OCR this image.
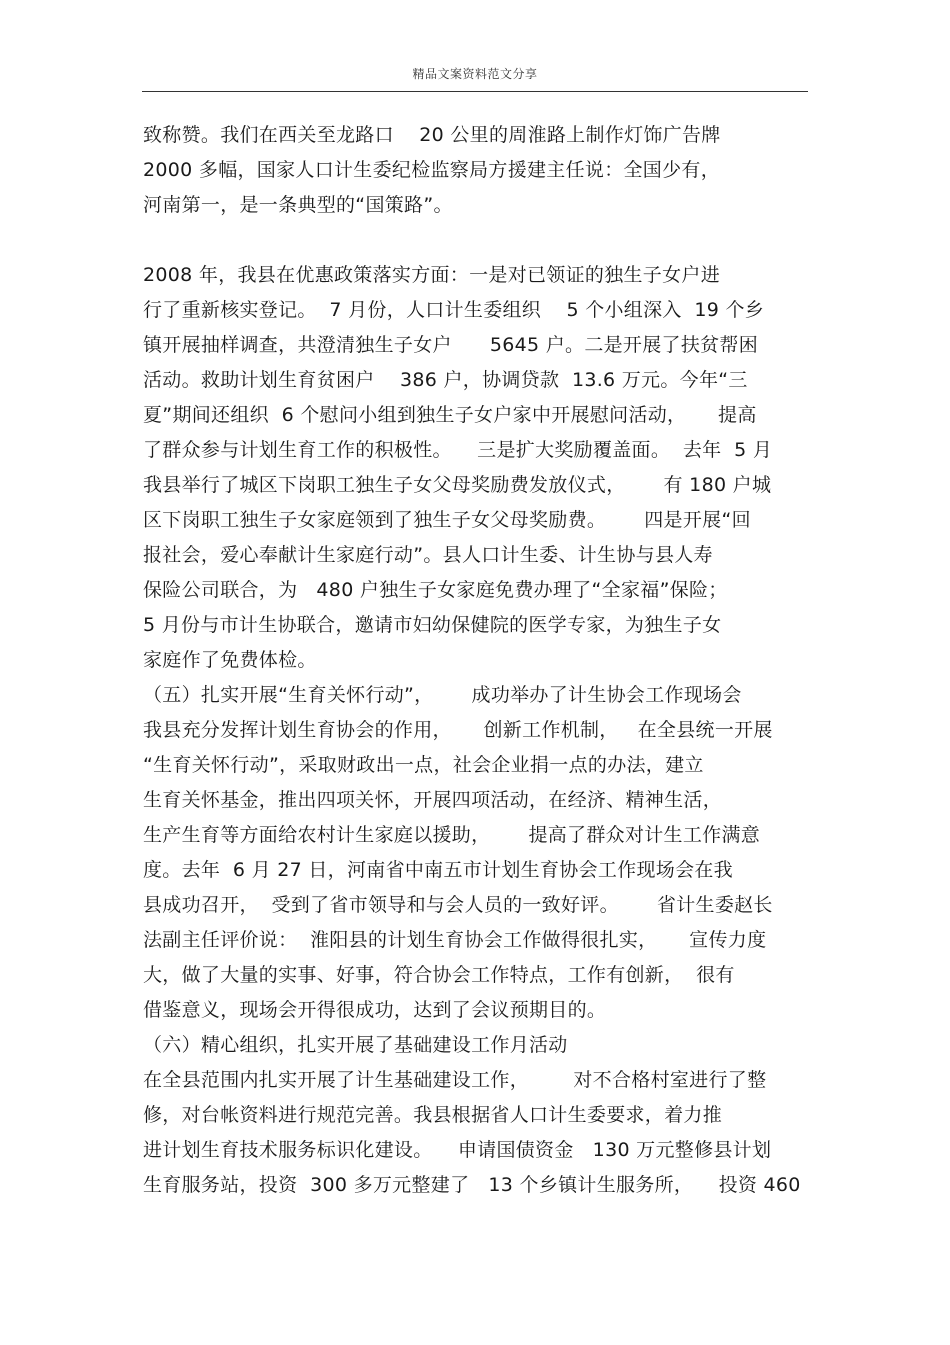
精品文案资料范文分享
致称赞。我们在西关至龙路口    20 公里的周淮路上制作灯饰广告牌
2000 多幅，国家人口计生委纪检监察局方援建主任说：全国少有，
河南第一，是一条典型的“国策路”。
2008 年，我县在优惠政策落实方面：一是对已领证的独生子女户进
行了重新核实登记。  7 月份，人口计生委组织    5 个小组深入  19 个乡
镇开展抽样调查，共澄清独生子女户      5645 户。二是开展了扶贫帮困
活动。救助计划生育贫困户    386 户，协调贷款  13.6 万元。今年“三
夏”期间还组织  6 个慰问小组到独生子女户家中开展慰问活动，     提高
了群众参与计划生育工作的积极性。    三是扩大奖励覆盖面。  去年  5 月
我县举行了城区下岗职工独生子女父母奖励费发放仪式，      有 180 户城
区下岗职工独生子女家庭领到了独生子女父母奖励费。      四是开展“回
报社会，爱心奉献计生家庭行动”。县人口计生委、计生协与县人寿
保险公司联合，为   480 户独生子女家庭免费办理了“全家福”保险；
5 月份与市计生协联合，邀请市妇幼保健院的医学专家，为独生子女
家庭作了免费体检。
（五）扎实开展“生育关怀行动”，      成功举办了计生协会工作现场会
我县充分发挥计划生育协会的作用，     创新工作机制，   在全县统一开展
“生育关怀行动”，采取财政出一点，社会企业捐一点的办法，建立
生育关怀基金，推出四项关怀，开展四项活动，在经济、精神生活，
生产生育等方面给农村计生家庭以援助，      提高了群众对计生工作满意
度。去年  6 月 27 日，河南省中南五市计划生育协会工作现场会在我
县成功召开，  受到了省市领导和与会人员的一致好评。      省计生委赵长
法副主任评价说：  淮阳县的计划生育协会工作做得很扎实，     宣传力度
大，做了大量的实事、好事，符合协会工作特点，工作有创新，  很有
借鉴意义，现场会开得很成功，达到了会议预期目的。
（六）精心组织，扎实开展了基础建设工作月活动
在全县范围内扎实开展了计生基础建设工作，       对不合格村室进行了整
修，对台帐资料进行规范完善。我县根据省人口计生委要求，着力推
进计划生育技术服务标识化建设。    申请国债资金   130 万元整修县计划
生育服务站，投资  300 多万元整建了   13 个乡镇计生服务所，    投资 460
